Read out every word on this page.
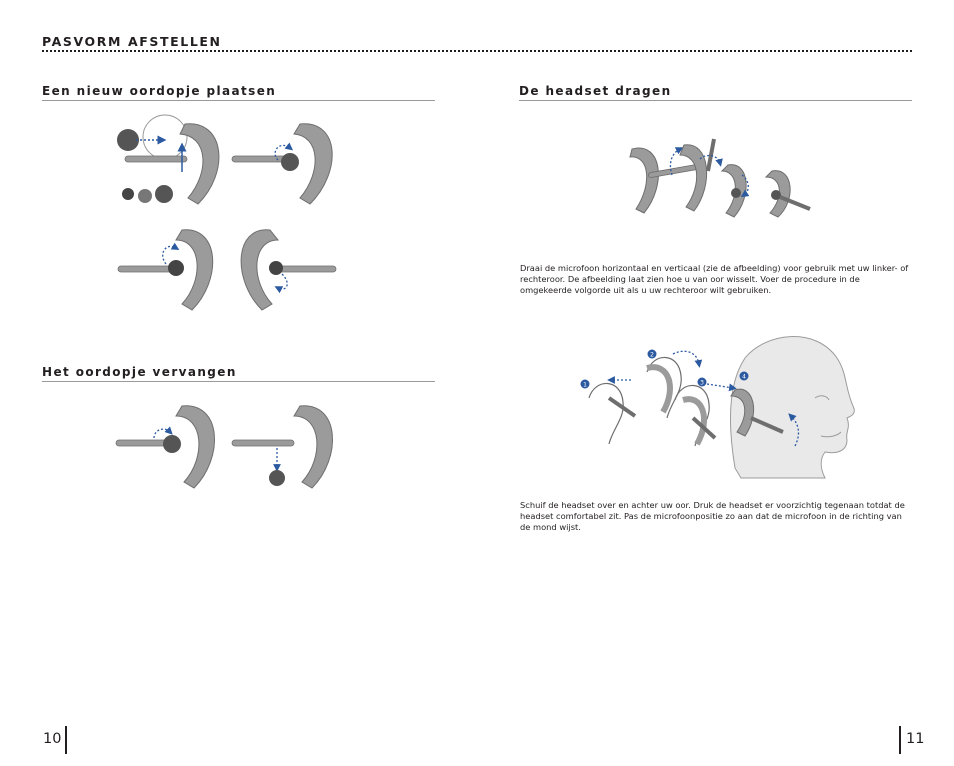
PASVORM AFSTELLEN
Een nieuw oordopje plaatsen
Het oordopje vervangen
10
De headset dragen
Draai de microfoon horizontaal en verticaal (zie de afbeelding) voor gebruik met uw linker- of rechteroor. De afbeelding laat zien hoe u van oor wisselt. Voer de procedure in de omgekeerde volgorde uit als u uw rechteroor wilt gebruiken.
1
2
3
4
Schuif de headset over en achter uw oor. Druk de headset er voorzichtig tegenaan totdat de headset comfortabel zit. Pas de microfoonpositie zo aan dat de microfoon in de richting van de mond wijst.
11
